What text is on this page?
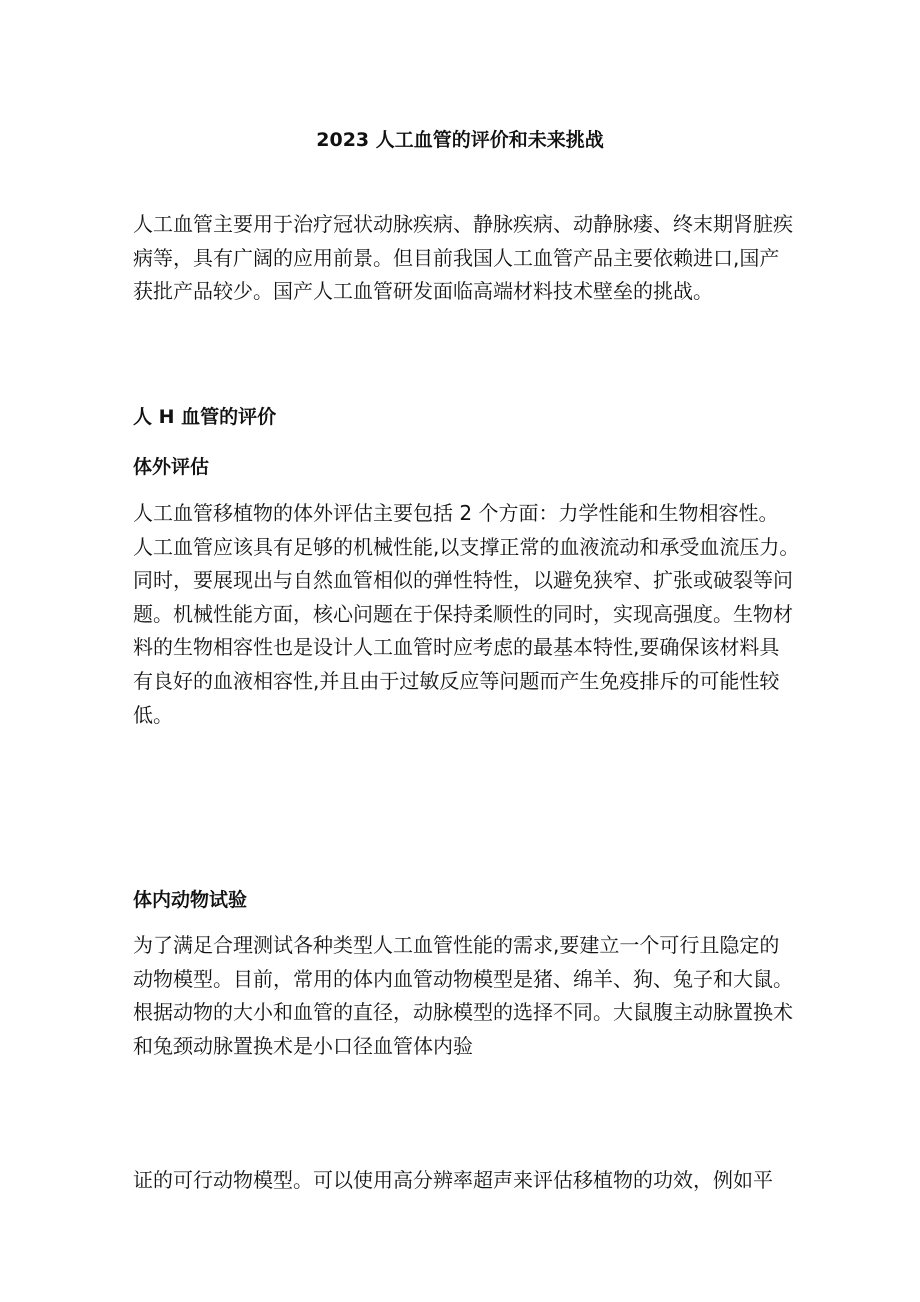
2023 人工血管的评价和未来挑战
人工血管主要用于治疗冠状动脉疾病、静脉疾病、动静脉瘘、终末期肾脏疾
病等，具有广阔的应用前景。但目前我国人工血管产品主要依赖进口,国产
获批产品较少。国产人工血管研发面临高端材料技术壁垒的挑战。
人 H 血管的评价
体外评估
人工血管移植物的体外评估主要包括 2 个方面：力学性能和生物相容性。
人工血管应该具有足够的机械性能,以支撑正常的血液流动和承受血流压力。
同时，要展现出与自然血管相似的弹性特性，以避免狭窄、扩张或破裂等问
题。机械性能方面，核心问题在于保持柔顺性的同时，实现高强度。生物材
料的生物相容性也是设计人工血管时应考虑的最基本特性,要确保该材料具
有良好的血液相容性,并且由于过敏反应等问题而产生免疫排斥的可能性较
低。
体内动物试验
为了满足合理测试各种类型人工血管性能的需求,要建立一个可行且隐定的
动物模型。目前，常用的体内血管动物模型是猪、绵羊、狗、兔子和大鼠。
根据动物的大小和血管的直径，动脉模型的选择不同。大鼠腹主动脉置换术
和兔颈动脉置换术是小口径血管体内验
证的可行动物模型。可以使用高分辨率超声来评估移植物的功效，例如平
